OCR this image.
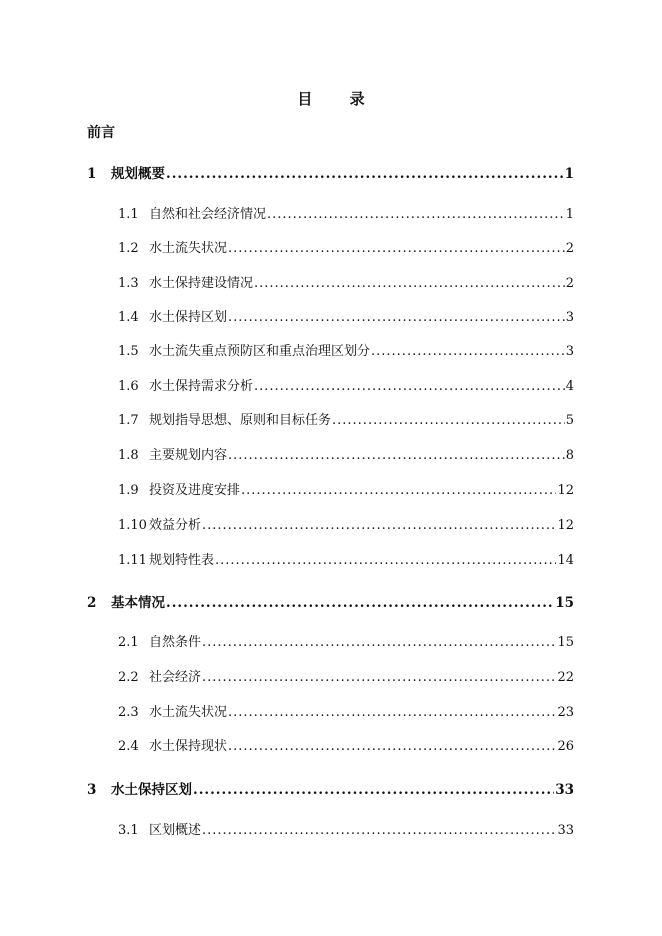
目 录
前言
1	规划概要 .....	1
1.1 自然和社会经济情况 .....	1
1.2 水土流失状况 .....	2
1.3 水土保持建设情况 .....	2
1.4 水土保持区划 .....	3
1.5 水土流失重点预防区和重点治理区划分 .....	3
1.6 水土保持需求分析 .....	4
1.7 规划指导思想、原则和目标任务 .....	5
1.8 主要规划内容 .....	8
1.9 投资及进度安排 .....	12
1.10 效益分析 .....	12
1.11 规划特性表 .....	14
2	基本情况 .....	15
2.1 自然条件 .....	15
2.2 社会经济 .....	22
2.3 水土流失状况 .....	23
2.4 水土保持现状 .....	26
3	水土保持区划 .....	33
3.1 区划概述 .....	33
